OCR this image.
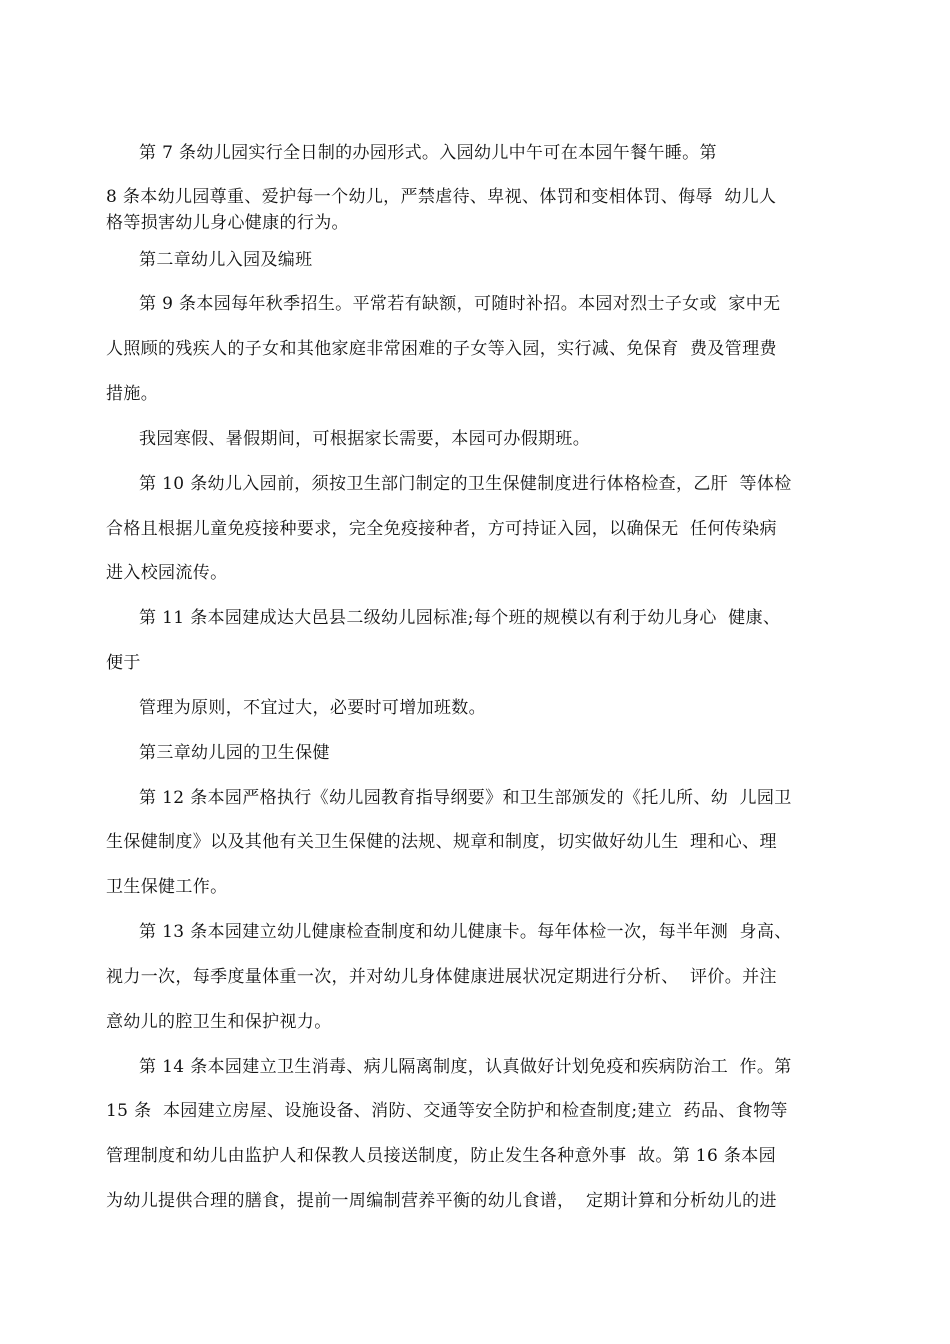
第 7 条幼儿园实行全日制的办园形式。入园幼儿中午可在本园午餐午睡。第
8 条本幼儿园尊重、爱护每一个幼儿，严禁虐待、卑视、体罚和变相体罚、侮辱  幼儿人
格等损害幼儿身心健康的行为。
第二章幼儿入园及编班
第 9 条本园每年秋季招生。平常若有缺额，可随时补招。本园对烈士子女或  家中无
人照顾的残疾人的子女和其他家庭非常困难的子女等入园，实行减、免保育  费及管理费
措施。
我园寒假、暑假期间，可根据家长需要，本园可办假期班。
第 10 条幼儿入园前，须按卫生部门制定的卫生保健制度进行体格检查，乙肝  等体检
合格且根据儿童免疫接种要求，完全免疫接种者，方可持证入园，以确保无  任何传染病
进入校园流传。
第 11 条本园建成达大邑县二级幼儿园标准;每个班的规模以有利于幼儿身心  健康、
便于
管理为原则，不宜过大，必要时可增加班数。
第三章幼儿园的卫生保健
第 12 条本园严格执行《幼儿园教育指导纲要》和卫生部颁发的《托儿所、幼  儿园卫
生保健制度》以及其他有关卫生保健的法规、规章和制度，切实做好幼儿生  理和心、理
卫生保健工作。
第 13 条本园建立幼儿健康检查制度和幼儿健康卡。每年体检一次，每半年测  身高、
视力一次，每季度量体重一次，并对幼儿身体健康进展状况定期进行分析、  评价。并注
意幼儿的腔卫生和保护视力。
第 14 条本园建立卫生消毒、病儿隔离制度，认真做好计划免疫和疾病防治工  作。第
15 条  本园建立房屋、设施设备、消防、交通等安全防护和检查制度;建立  药品、食物等
管理制度和幼儿由监护人和保教人员接送制度，防止发生各种意外事  故。第 16 条本园
为幼儿提供合理的膳食，提前一周编制营养平衡的幼儿食谱，  定期计算和分析幼儿的进
